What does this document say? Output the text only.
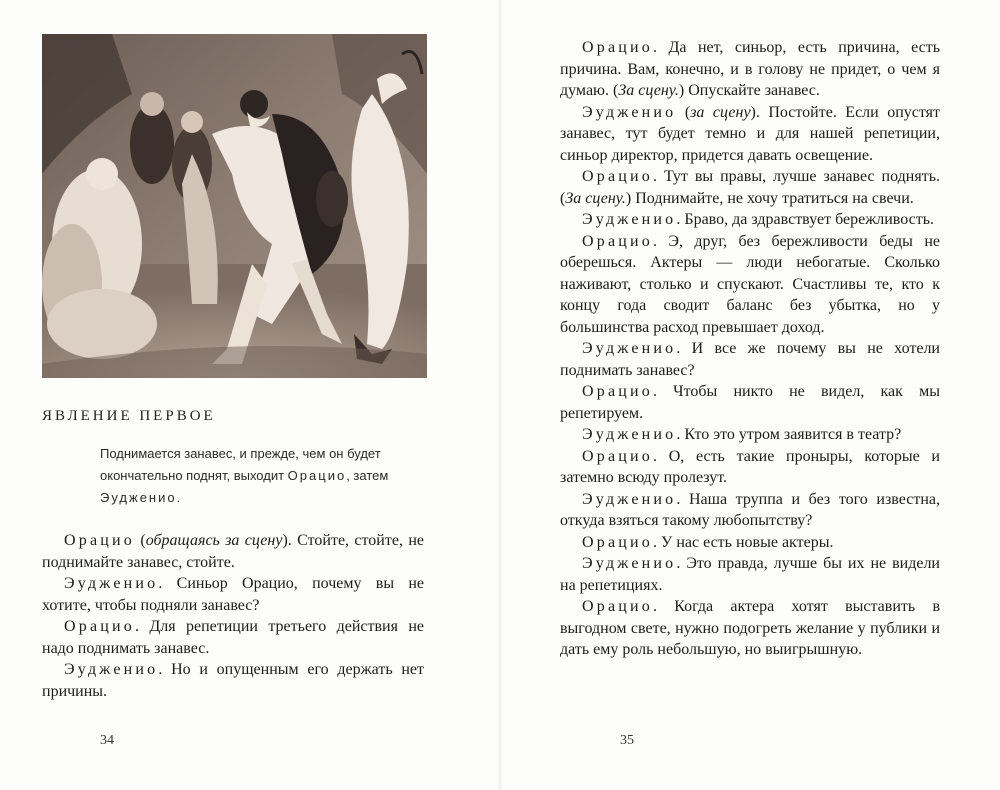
ЯВЛЕНИЕ ПЕРВОЕ
Поднимается занавес, и прежде, чем он будет окончательно поднят, выходит Орацио, затем Эудженио.

Орацио (обращаясь за сцену). Стойте, стойте, не поднимайте занавес, стойте.

Эудженио. Синьор Орацио, почему вы не хотите, чтобы подняли занавес?

Орацио. Для репетиции третьего действия не надо поднимать занавес.

Эудженио. Но и опущенным его держать нет причины.

34

Орацио. Да нет, синьор, есть причина, есть причина. Вам, конечно, и в голову не придет, о чем я думаю. (За сцену.) Опускайте занавес.

Эудженио (за сцену). Постойте. Если опустят занавес, тут будет темно и для нашей репетиции, синьор директор, придется давать освещение.

Орацио. Тут вы правы, лучше занавес поднять. (За сцену.) Поднимайте, не хочу тратиться на свечи.

Эудженио. Браво, да здравствует бережливость.

Орацио. Э, друг, без бережливости беды не оберешься. Актеры — люди небогатые. Сколько наживают, столько и спускают. Счастливы те, кто к концу года сводит баланс без убытка, но у большинства расход превышает доход.

Эудженио. И все же почему вы не хотели поднимать занавес?

Орацио. Чтобы никто не видел, как мы репетируем.

Эудженио. Кто это утром заявится в театр?

Орацио. О, есть такие проныры, которые и затемно всюду пролезут.

Эудженио. Наша труппа и без того известна, откуда взяться такому любопытству?

Орацио. У нас есть новые актеры.

Эудженио. Это правда, лучше бы их не видели на репетициях.

Орацио. Когда актера хотят выставить в выгодном свете, нужно подогреть желание у публики и дать ему роль небольшую, но выигрышную.

35
